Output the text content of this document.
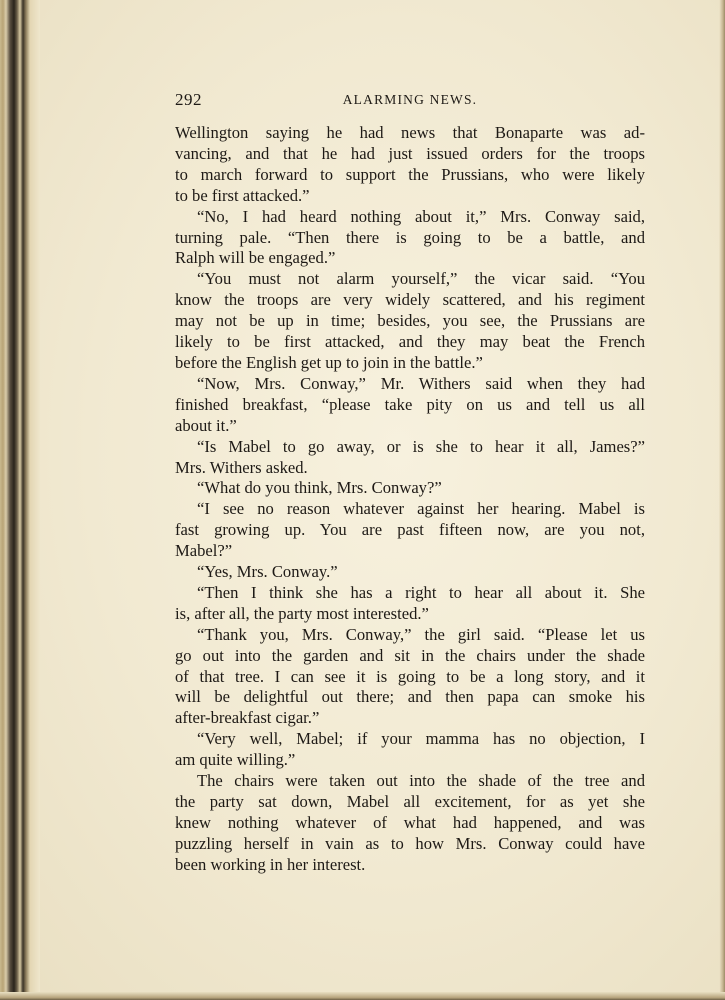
292	ALARMING NEWS.
Wellington saying he had news that Bonaparte was ad-
vancing, and that he had just issued orders for the troops
to march forward to support the Prussians, who were likely
to be first attacked.”
“No, I had heard nothing about it,” Mrs. Conway said,
turning pale. “Then there is going to be a battle, and
Ralph will be engaged.”
“You must not alarm yourself,” the vicar said. “You
know the troops are very widely scattered, and his regiment
may not be up in time; besides, you see, the Prussians are
likely to be first attacked, and they may beat the French
before the English get up to join in the battle.”
“Now, Mrs. Conway,” Mr. Withers said when they had
finished breakfast, “please take pity on us and tell us all
about it.”
“Is Mabel to go away, or is she to hear it all, James?”
Mrs. Withers asked.
“What do you think, Mrs. Conway?”
“I see no reason whatever against her hearing. Mabel is
fast growing up. You are past fifteen now, are you not,
Mabel?”
“Yes, Mrs. Conway.”
“Then I think she has a right to hear all about it. She
is, after all, the party most interested.”
“Thank you, Mrs. Conway,” the girl said. “Please let us
go out into the garden and sit in the chairs under the shade
of that tree. I can see it is going to be a long story, and it
will be delightful out there; and then papa can smoke his
after-breakfast cigar.”
“Very well, Mabel; if your mamma has no objection, I
am quite willing.”
The chairs were taken out into the shade of the tree and
the party sat down, Mabel all excitement, for as yet she
knew nothing whatever of what had happened, and was
puzzling herself in vain as to how Mrs. Conway could have
been working in her interest.
